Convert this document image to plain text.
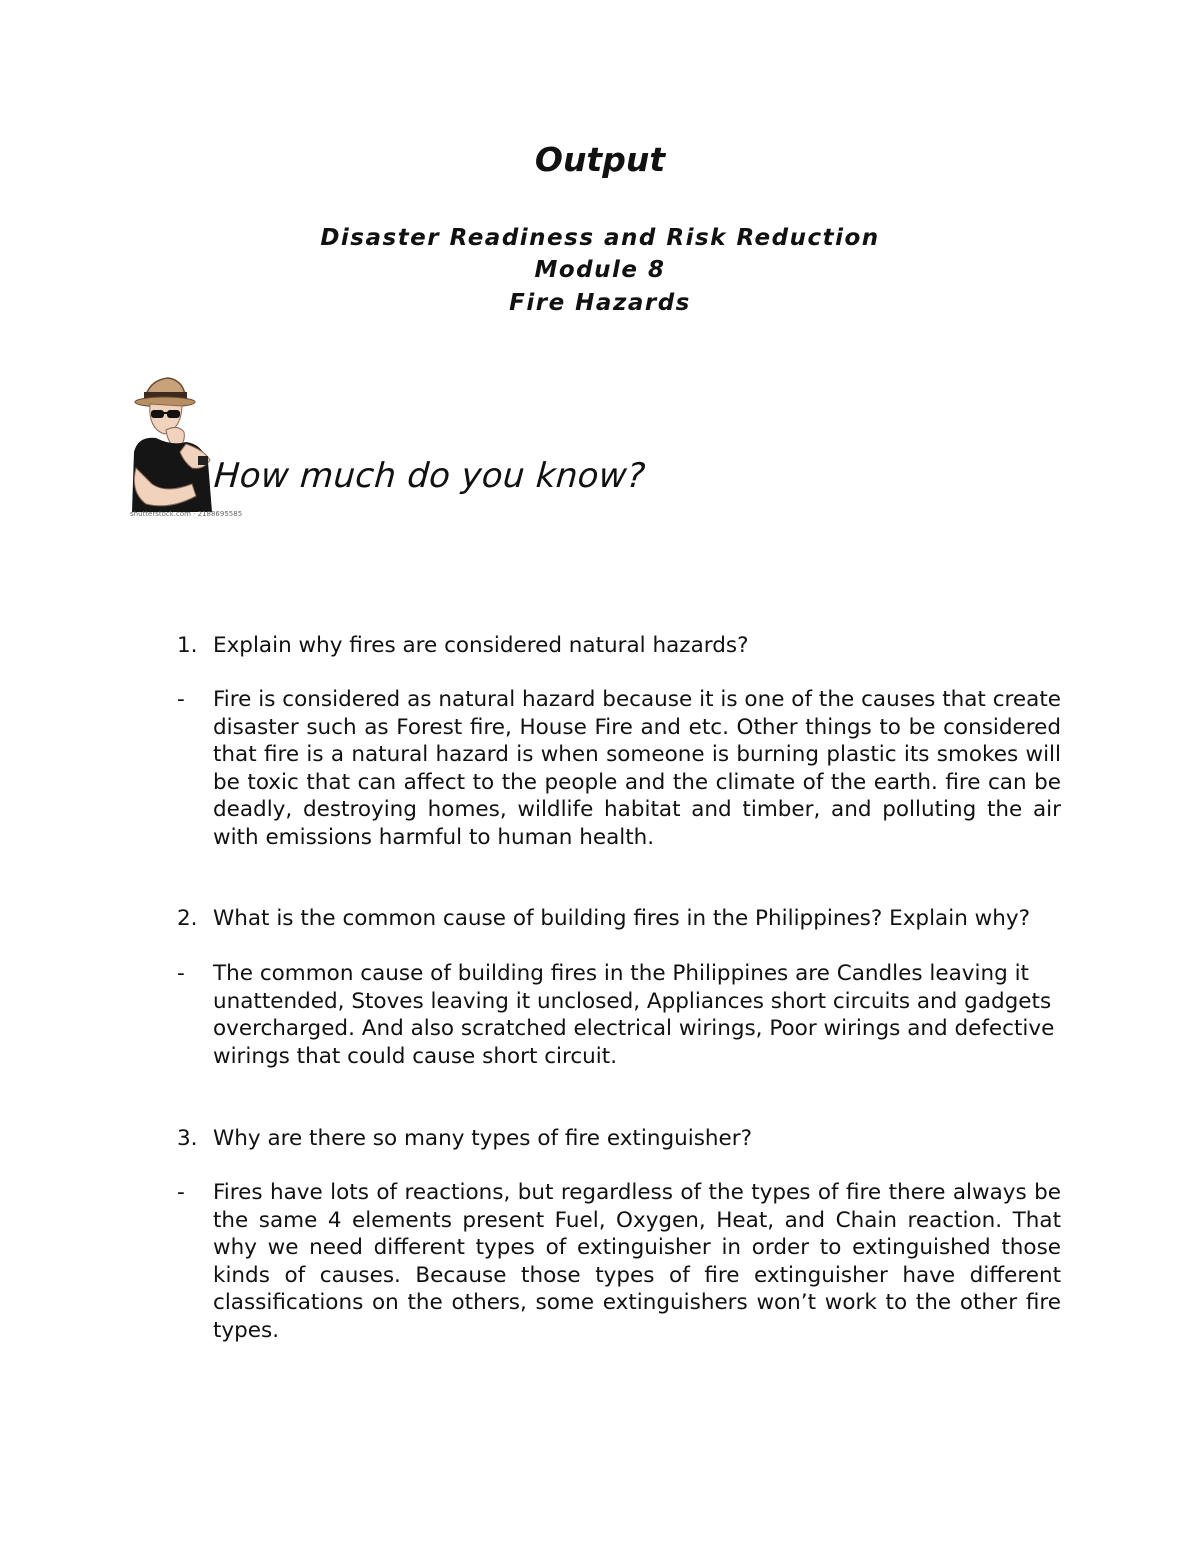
Output
Disaster Readiness and Risk Reduction
Module 8
Fire Hazards
How much do you know?
shutterstock.com · 2188695585
1. Explain why fires are considered natural hazards?
- Fire is considered as natural hazard because it is one of the causes that create disaster such as Forest fire, House Fire and etc. Other things to be considered that fire is a natural hazard is when someone is burning plastic its smokes will be toxic that can affect to the people and the climate of the earth. fire can be deadly, destroying homes, wildlife habitat and timber, and polluting the air with emissions harmful to human health.
2. What is the common cause of building fires in the Philippines? Explain why?
- The common cause of building fires in the Philippines are Candles leaving it unattended, Stoves leaving it unclosed, Appliances short circuits and gadgets overcharged. And also scratched electrical wirings, Poor wirings and defective wirings that could cause short circuit.
3. Why are there so many types of fire extinguisher?
- Fires have lots of reactions, but regardless of the types of fire there always be the same 4 elements present Fuel, Oxygen, Heat, and Chain reaction. That why we need different types of extinguisher in order to extinguished those kinds of causes. Because those types of fire extinguisher have different classifications on the others, some extinguishers won’t work to the other fire types.
